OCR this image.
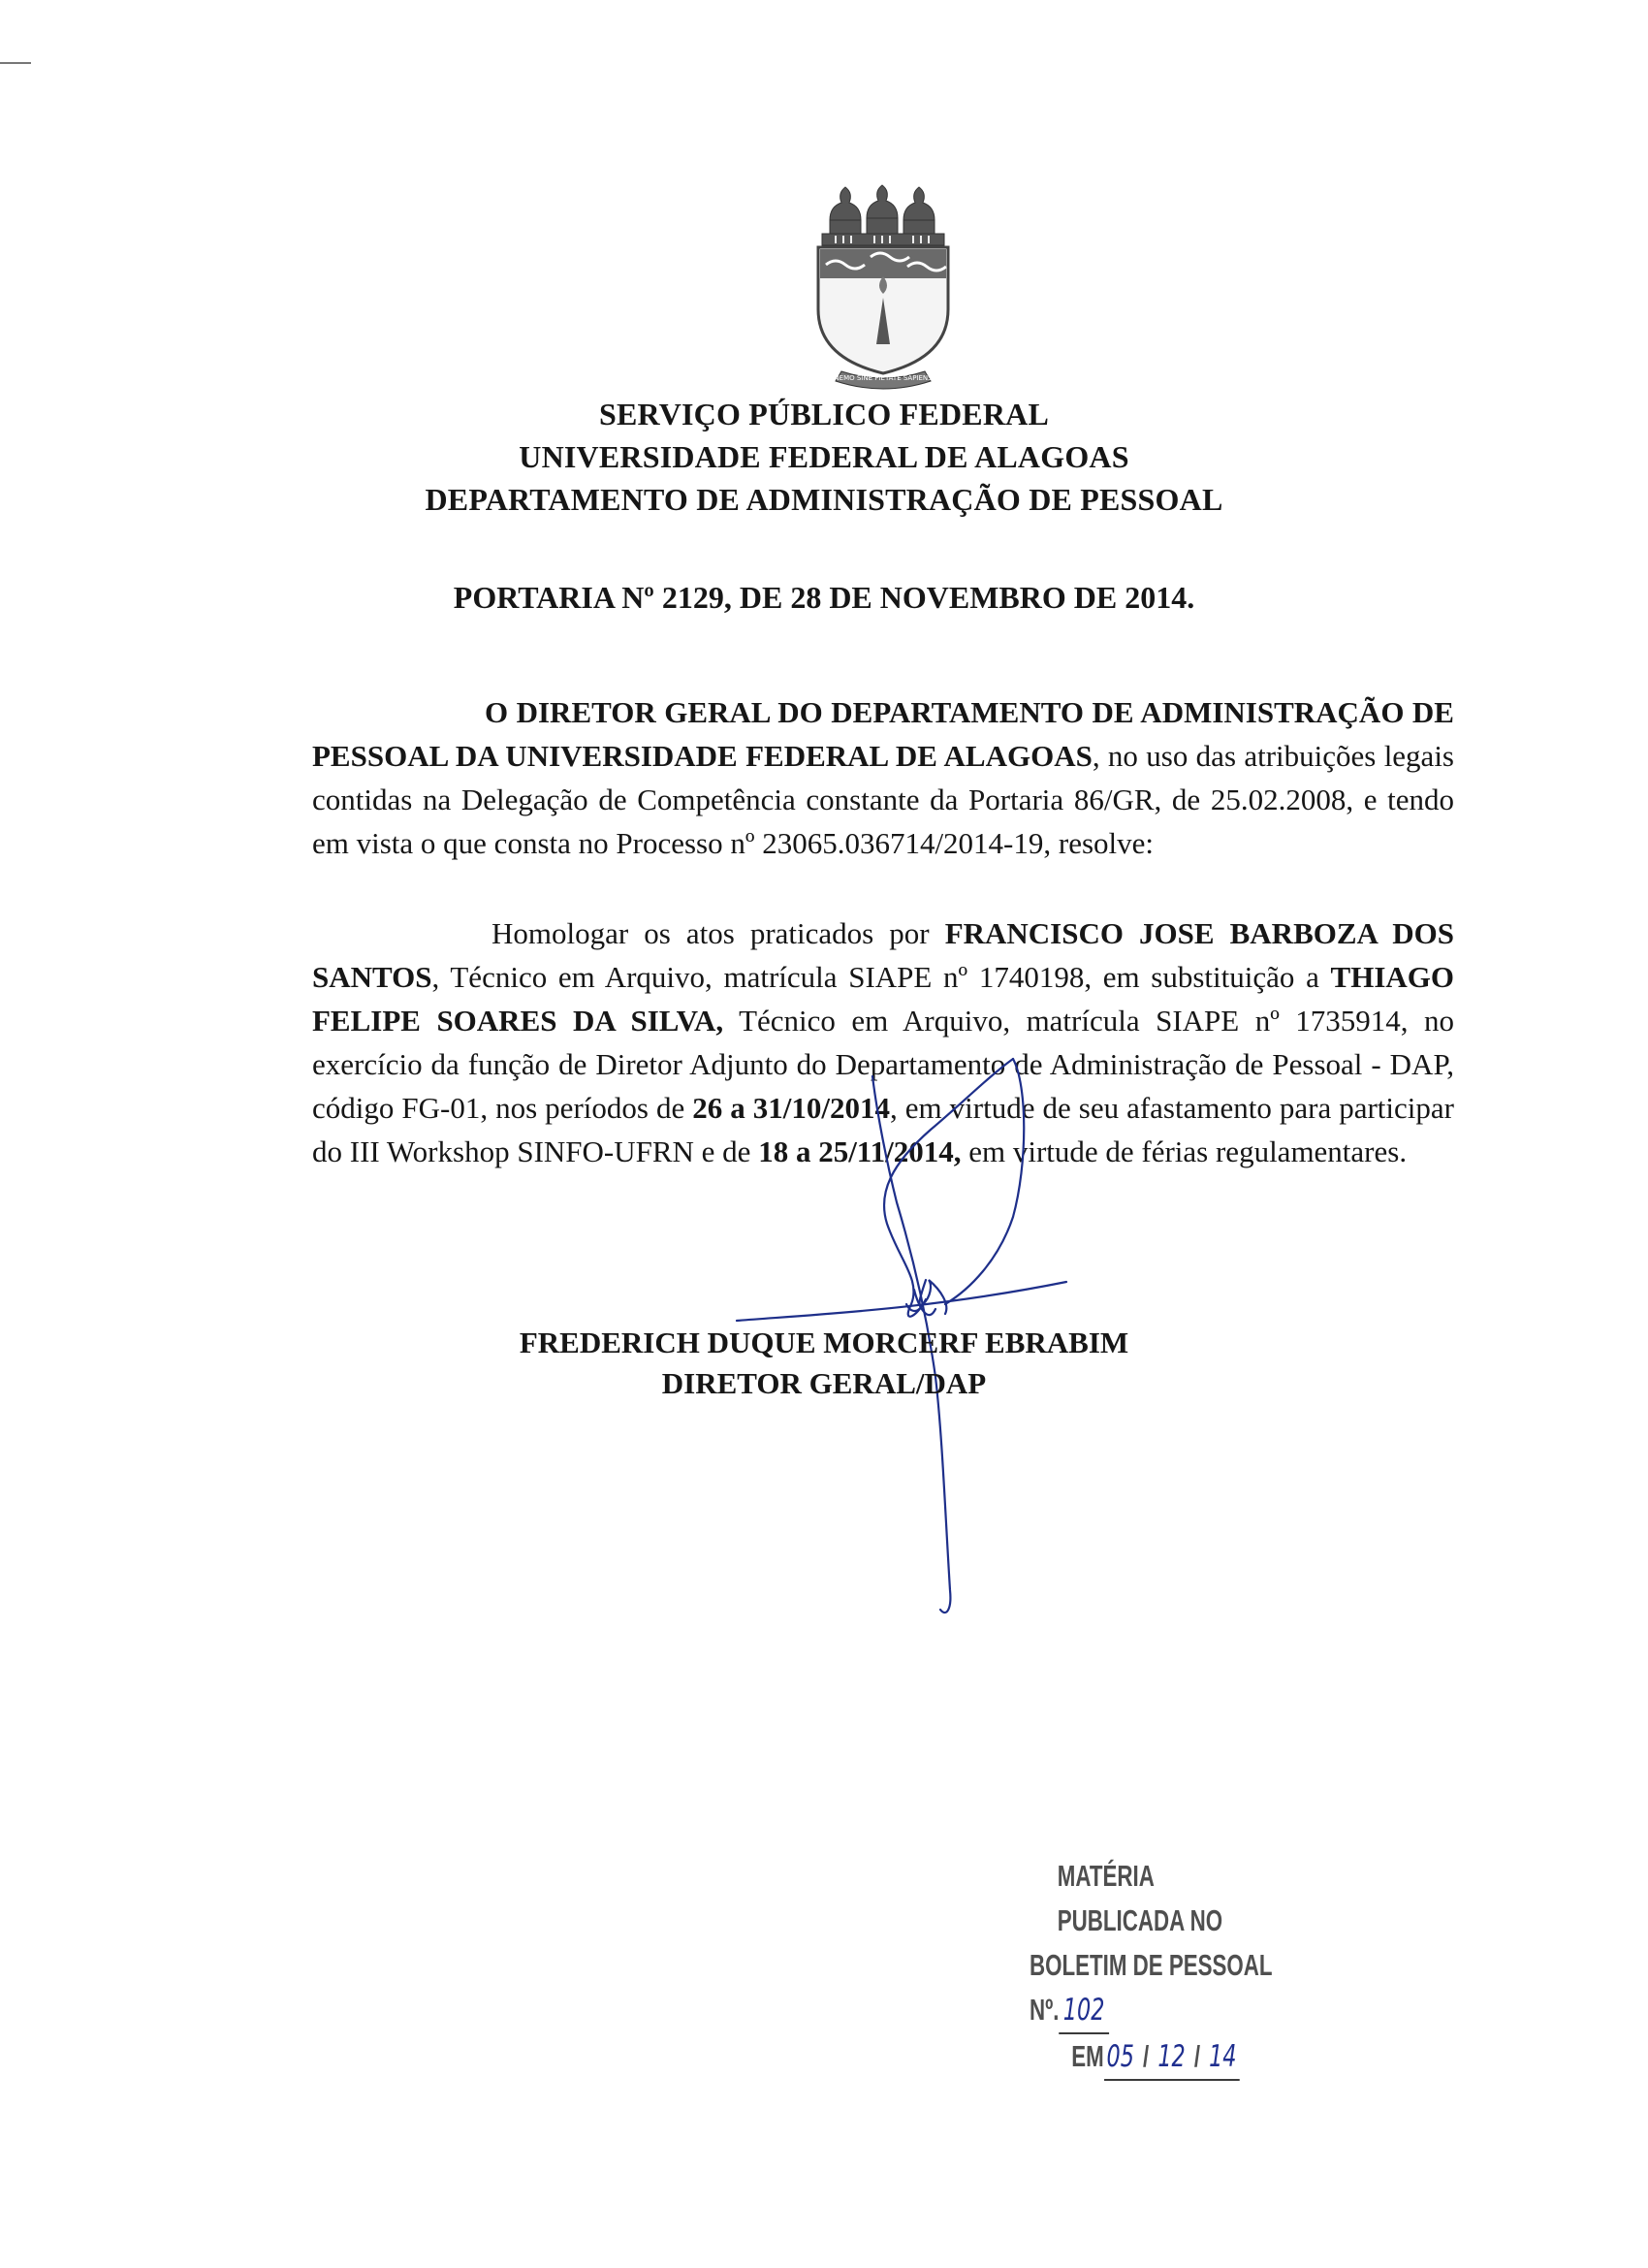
NEMO SINE PIETATE SAPIENS
SERVIÇO PÚBLICO FEDERAL
UNIVERSIDADE FEDERAL DE ALAGOAS
DEPARTAMENTO DE ADMINISTRAÇÃO DE PESSOAL
PORTARIA Nº 2129, DE 28 DE NOVEMBRO DE 2014.
O DIRETOR GERAL DO DEPARTAMENTO DE ADMINISTRAÇÃO DE PESSOAL DA UNIVERSIDADE FEDERAL DE ALAGOAS, no uso das atribuições legais contidas na Delegação de Competência constante da Portaria 86/GR, de 25.02.2008, e tendo em vista o que consta no Processo nº 23065.036714/2014-19, resolve:
Homologar os atos praticados por FRANCISCO JOSE BARBOZA DOS SANTOS, Técnico em Arquivo, matrícula SIAPE nº 1740198, em substituição a THIAGO FELIPE SOARES DA SILVA, Técnico em Arquivo, matrícula SIAPE nº 1735914, no exercício da função de Diretor Adjunto do Departamento de Administração de Pessoal - DAP, código FG-01, nos períodos de 26 a 31/10/2014, em virtude de seu afastamento para participar do III Workshop SINFO-UFRN e de 18 a 25/11/2014, em virtude de férias regulamentares.
FREDERICH DUQUE MORCERF EBRABIM
DIRETOR GERAL/DAP
MATÉRIA PUBLICADA NO
BOLETIM DE PESSOAL Nº. 102
EM05 / 12 / 14
